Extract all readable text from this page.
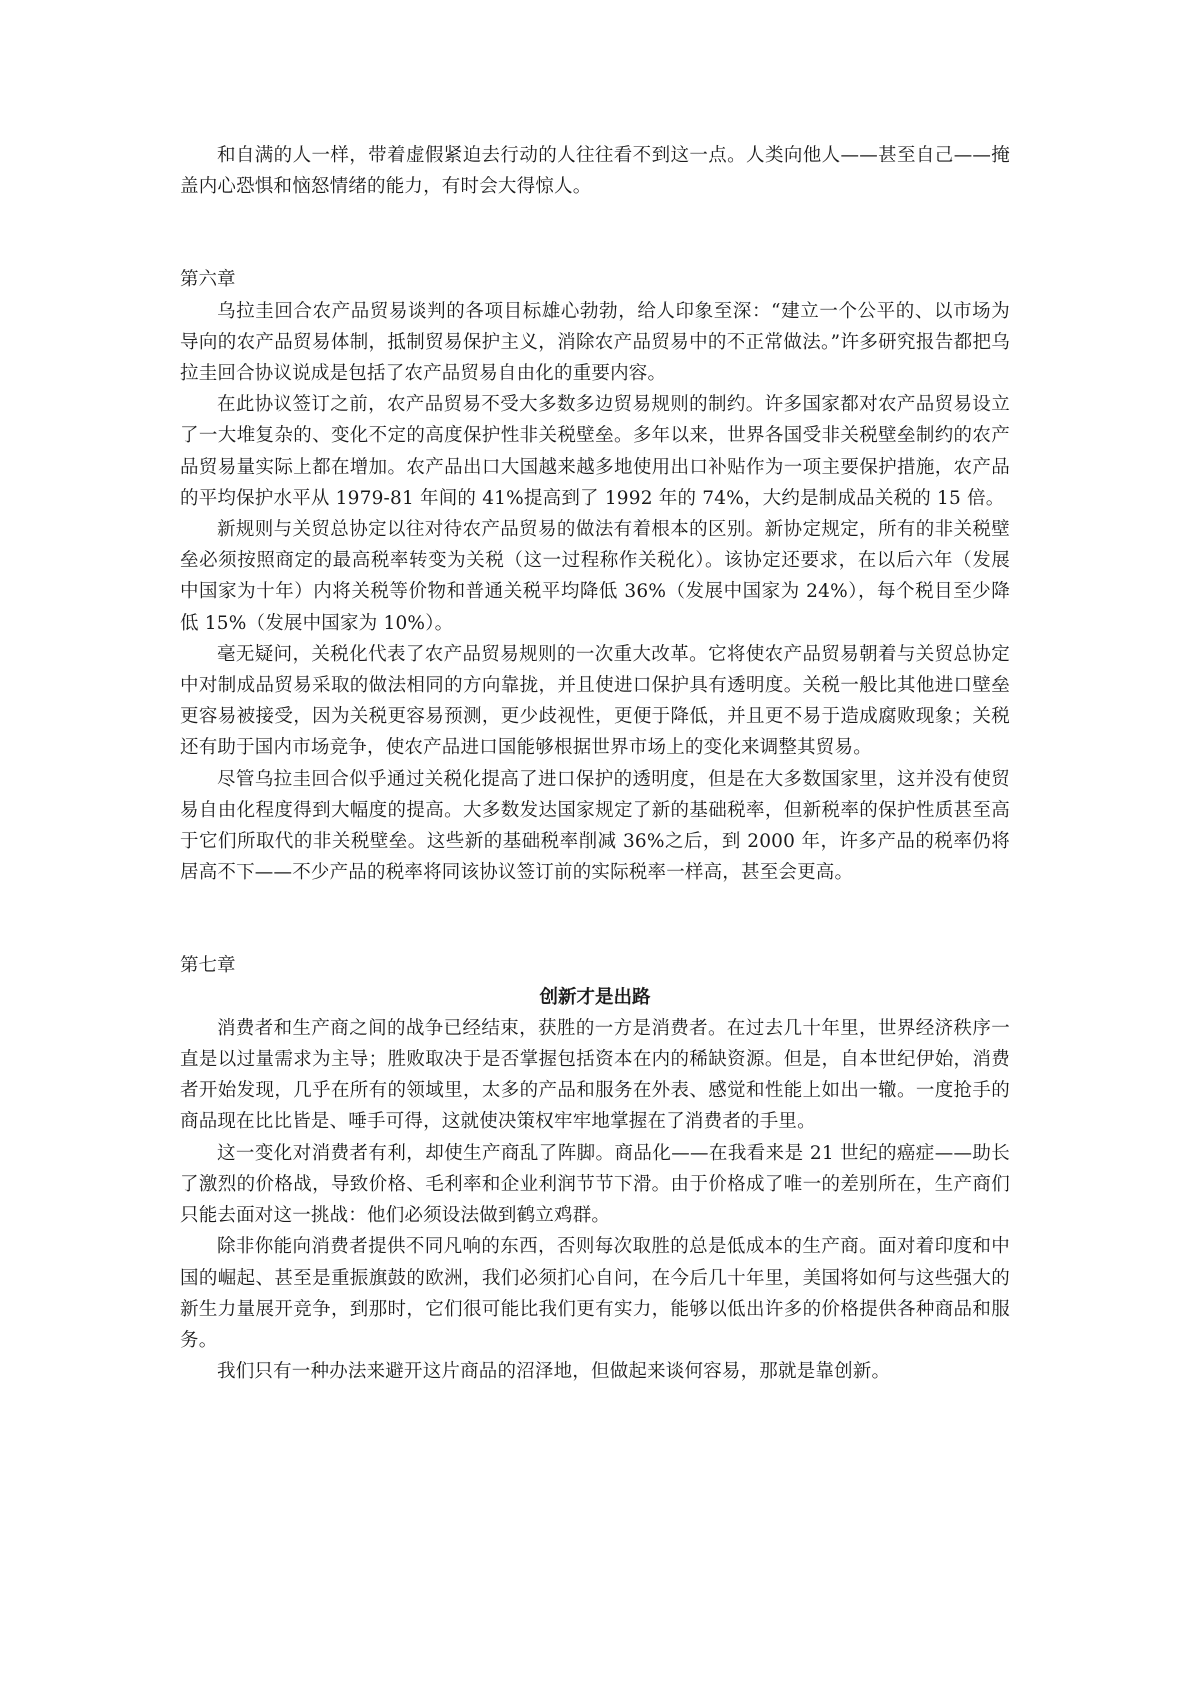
和自满的人一样，带着虚假紧迫去行动的人往往看不到这一点。人类向他人——甚至自己——掩盖内心恐惧和恼怒情绪的能力，有时会大得惊人。

第六章

乌拉圭回合农产品贸易谈判的各项目标雄心勃勃，给人印象至深：“建立一个公平的、以市场为导向的农产品贸易体制，抵制贸易保护主义，消除农产品贸易中的不正常做法。”许多研究报告都把乌拉圭回合协议说成是包括了农产品贸易自由化的重要内容。

在此协议签订之前，农产品贸易不受大多数多边贸易规则的制约。许多国家都对农产品贸易设立了一大堆复杂的、变化不定的高度保护性非关税壁垒。多年以来，世界各国受非关税壁垒制约的农产品贸易量实际上都在增加。农产品出口大国越来越多地使用出口补贴作为一项主要保护措施，农产品的平均保护水平从 1979-81 年间的 41%提高到了 1992 年的 74%，大约是制成品关税的 15 倍。

新规则与关贸总协定以往对待农产品贸易的做法有着根本的区别。新协定规定，所有的非关税壁垒必须按照商定的最高税率转变为关税（这一过程称作关税化）。该协定还要求，在以后六年（发展中国家为十年）内将关税等价物和普通关税平均降低 36%（发展中国家为 24%），每个税目至少降低 15%（发展中国家为 10%）。

毫无疑问，关税化代表了农产品贸易规则的一次重大改革。它将使农产品贸易朝着与关贸总协定中对制成品贸易采取的做法相同的方向靠拢，并且使进口保护具有透明度。关税一般比其他进口壁垒更容易被接受，因为关税更容易预测，更少歧视性，更便于降低，并且更不易于造成腐败现象；关税还有助于国内市场竞争，使农产品进口国能够根据世界市场上的变化来调整其贸易。

尽管乌拉圭回合似乎通过关税化提高了进口保护的透明度，但是在大多数国家里，这并没有使贸易自由化程度得到大幅度的提高。大多数发达国家规定了新的基础税率，但新税率的保护性质甚至高于它们所取代的非关税壁垒。这些新的基础税率削减 36%之后，到 2000 年，许多产品的税率仍将居高不下——不少产品的税率将同该协议签订前的实际税率一样高，甚至会更高。

第七章

创新才是出路

消费者和生产商之间的战争已经结束，获胜的一方是消费者。在过去几十年里，世界经济秩序一直是以过量需求为主导；胜败取决于是否掌握包括资本在内的稀缺资源。但是，自本世纪伊始，消费者开始发现，几乎在所有的领域里，太多的产品和服务在外表、感觉和性能上如出一辙。一度抢手的商品现在比比皆是、唾手可得，这就使决策权牢牢地掌握在了消费者的手里。

这一变化对消费者有利，却使生产商乱了阵脚。商品化——在我看来是 21 世纪的癌症——助长了激烈的价格战，导致价格、毛利率和企业利润节节下滑。由于价格成了唯一的差别所在，生产商们只能去面对这一挑战：他们必须设法做到鹤立鸡群。

除非你能向消费者提供不同凡响的东西，否则每次取胜的总是低成本的生产商。面对着印度和中国的崛起、甚至是重振旗鼓的欧洲，我们必须扪心自问，在今后几十年里，美国将如何与这些强大的新生力量展开竞争，到那时，它们很可能比我们更有实力，能够以低出许多的价格提供各种商品和服务。

我们只有一种办法来避开这片商品的沼泽地，但做起来谈何容易，那就是靠创新。
